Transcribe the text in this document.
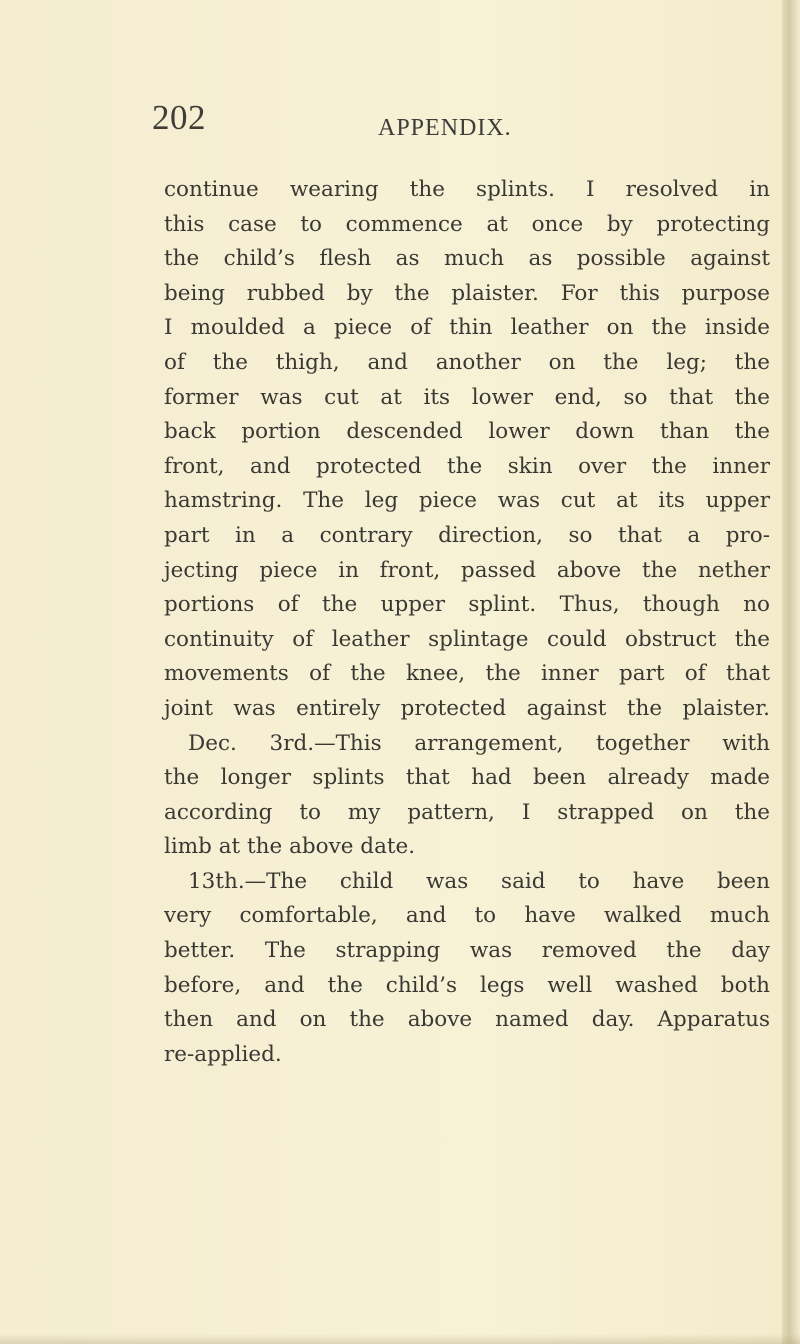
202	APPENDIX.
continue wearing the splints. I resolved in
this case to commence at once by protecting
the child’s flesh as much as possible against
being rubbed by the plaister. For this purpose
I moulded a piece of thin leather on the inside
of the thigh, and another on the leg; the
former was cut at its lower end, so that the
back portion descended lower down than the
front, and protected the skin over the inner
hamstring. The leg piece was cut at its upper
part in a contrary direction, so that a pro-
jecting piece in front, passed above the nether
portions of the upper splint. Thus, though no
continuity of leather splintage could obstruct the
movements of the knee, the inner part of that
joint was entirely protected against the plaister.
Dec. 3rd.—This arrangement, together with
the longer splints that had been already made
according to my pattern, I strapped on the
limb at the above date.
13th.—The child was said to have been
very comfortable, and to have walked much
better. The strapping was removed the day
before, and the child’s legs well washed both
then and on the above named day. Apparatus
re-applied.
